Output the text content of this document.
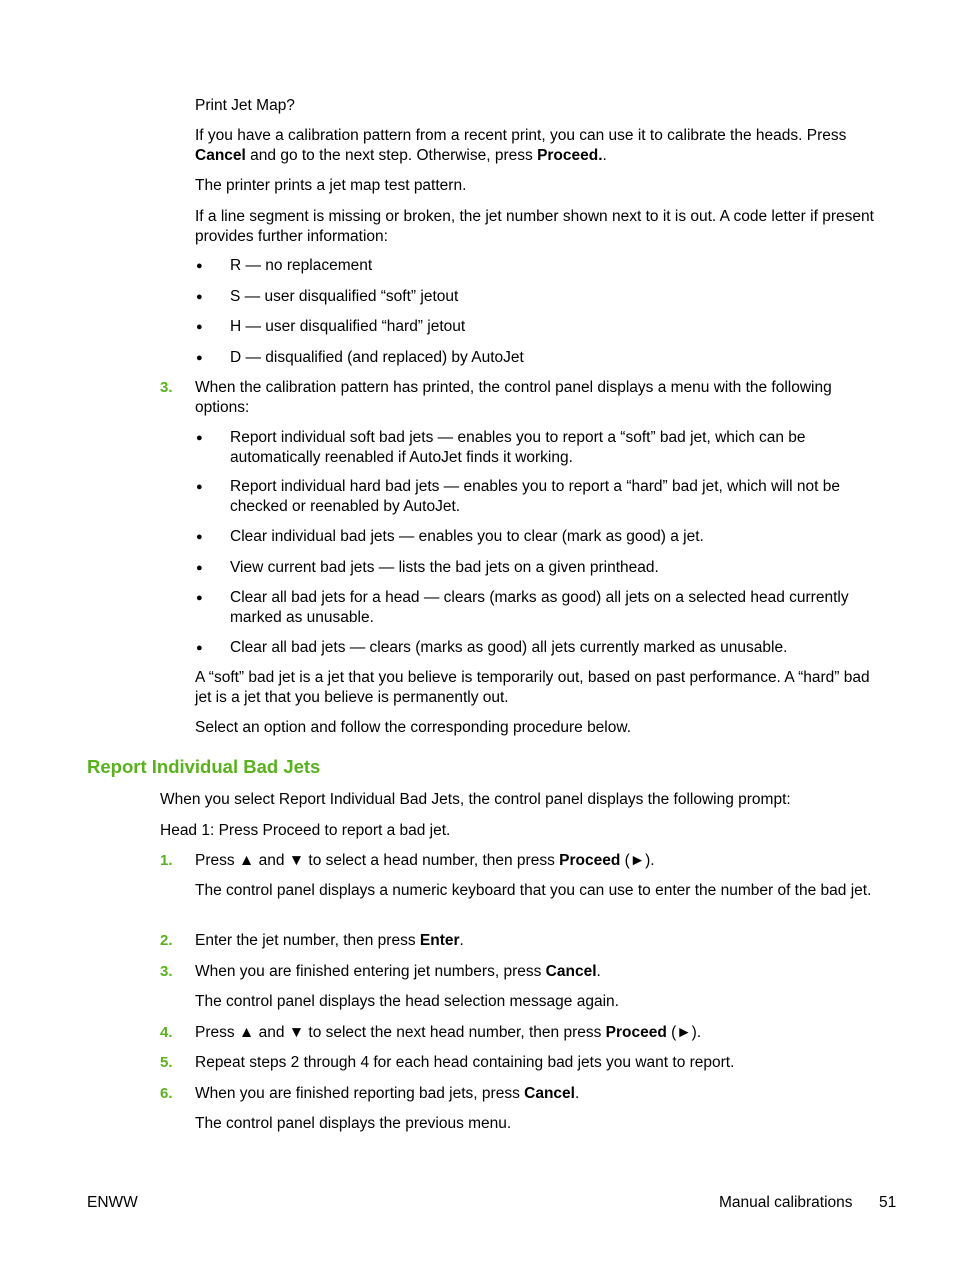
Print Jet Map?

If you have a calibration pattern from a recent print, you can use it to calibrate the heads. Press

Cancel and go to the next step. Otherwise, press Proceed..

The printer prints a jet map test pattern.

If a line segment is missing or broken, the jet number shown next to it is out. A code letter if present provides further information:

● R — no replacement

● S — user disqualified “soft” jetout

● H — user disqualified “hard” jetout

● D — disqualified (and replaced) by AutoJet

3. When the calibration pattern has printed, the control panel displays a menu with the following options:

● Report individual soft bad jets — enables you to report a “soft” bad jet, which can be automatically reenabled if AutoJet finds it working.

● Report individual hard bad jets — enables you to report a “hard” bad jet, which will not be checked or reenabled by AutoJet.

● Clear individual bad jets — enables you to clear (mark as good) a jet.

● View current bad jets — lists the bad jets on a given printhead.

● Clear all bad jets for a head — clears (marks as good) all jets on a selected head currently marked as unusable.

● Clear all bad jets — clears (marks as good) all jets currently marked as unusable.

A “soft” bad jet is a jet that you believe is temporarily out, based on past performance. A “hard” bad jet is a jet that you believe is permanently out.

Select an option and follow the corresponding procedure below.

Report Individual Bad Jets

When you select Report Individual Bad Jets, the control panel displays the following prompt:

Head 1: Press Proceed to report a bad jet.

1. Press ▲ and ▼ to select a head number, then press Proceed (►).

The control panel displays a numeric keyboard that you can use to enter the number of the bad jet.

2. Enter the jet number, then press Enter.

3. When you are finished entering jet numbers, press Cancel.

The control panel displays the head selection message again.

4. Press ▲ and ▼ to select the next head number, then press Proceed (►).

5. Repeat steps 2 through 4 for each head containing bad jets you want to report.

6. When you are finished reporting bad jets, press Cancel.

The control panel displays the previous menu.

ENWW	Manual calibrations 51
